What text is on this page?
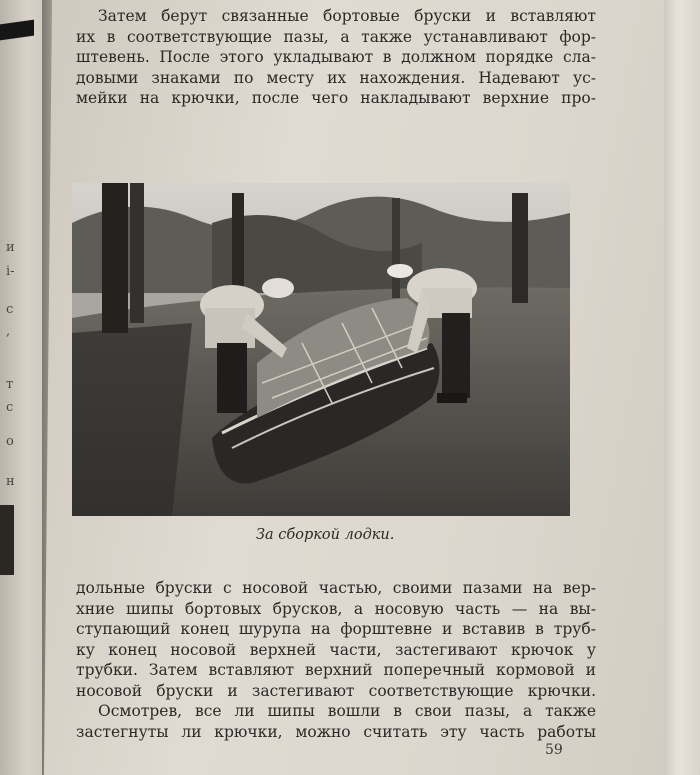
и
і-
с
,
т
с
о
н
Затем берут связанные бортовые бруски и вставляют
их в соответствующие пазы, а также устанавливают фор-
штевень. После этого укладывают в должном порядке сла-
довыми знаками по месту их нахождения. Надевают ус-
мейки на крючки, после чего накладывают верхние про-
За сборкой лодки.
дольные бруски с носовой частью, своими пазами на вер-
хние шипы бортовых брусков, а носовую часть — на вы-
ступающий конец шурупа на форштевне и вставив в труб-
ку конец носовой верхней части, застегивают крючок у
трубки. Затем вставляют верхний поперечный кормовой и
носовой бруски и застегивают соответствующие крючки.
Осмотрев, все ли шипы вошли в свои пазы, а также
застегнуты ли крючки, можно считать эту часть работы
59
